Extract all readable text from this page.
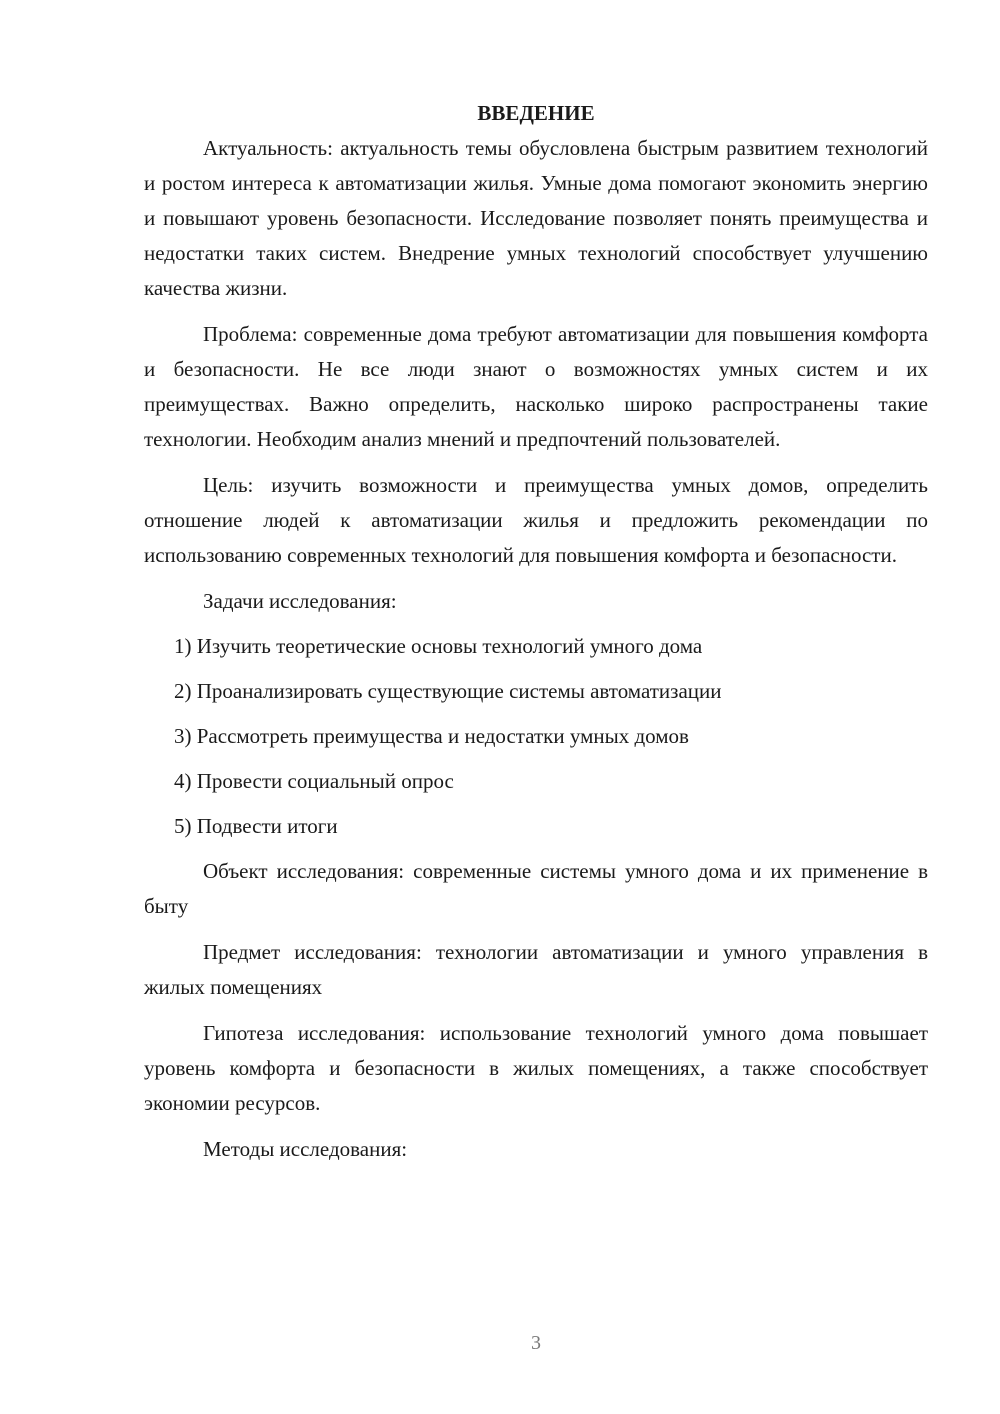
ВВЕДЕНИЕ

Актуальность: актуальность темы обусловлена быстрым развитием технологий и ростом интереса к автоматизации жилья. Умные дома помогают экономить энергию и повышают уровень безопасности. Исследование позволяет понять преимущества и недостатки таких систем. Внедрение умных технологий способствует улучшению качества жизни.

Проблема: современные дома требуют автоматизации для повышения комфорта и безопасности. Не все люди знают о возможностях умных систем и их преимуществах. Важно определить, насколько широко распространены такие технологии. Необходим анализ мнений и предпочтений пользователей.

Цель: изучить возможности и преимущества умных домов, определить отношение людей к автоматизации жилья и предложить рекомендации по использованию современных технологий для повышения комфорта и безопасности.

Задачи исследования:

1) Изучить теоретические основы технологий умного дома
2) Проанализировать существующие системы автоматизации
3) Рассмотреть преимущества и недостатки умных домов
4) Провести социальный опрос
5) Подвести итоги

Объект исследования: современные системы умного дома и их применение в быту

Предмет исследования: технологии автоматизации и умного управления в жилых помещениях

Гипотеза исследования: использование технологий умного дома повышает уровень комфорта и безопасности в жилых помещениях, а также способствует экономии ресурсов.

Методы исследования:

3
